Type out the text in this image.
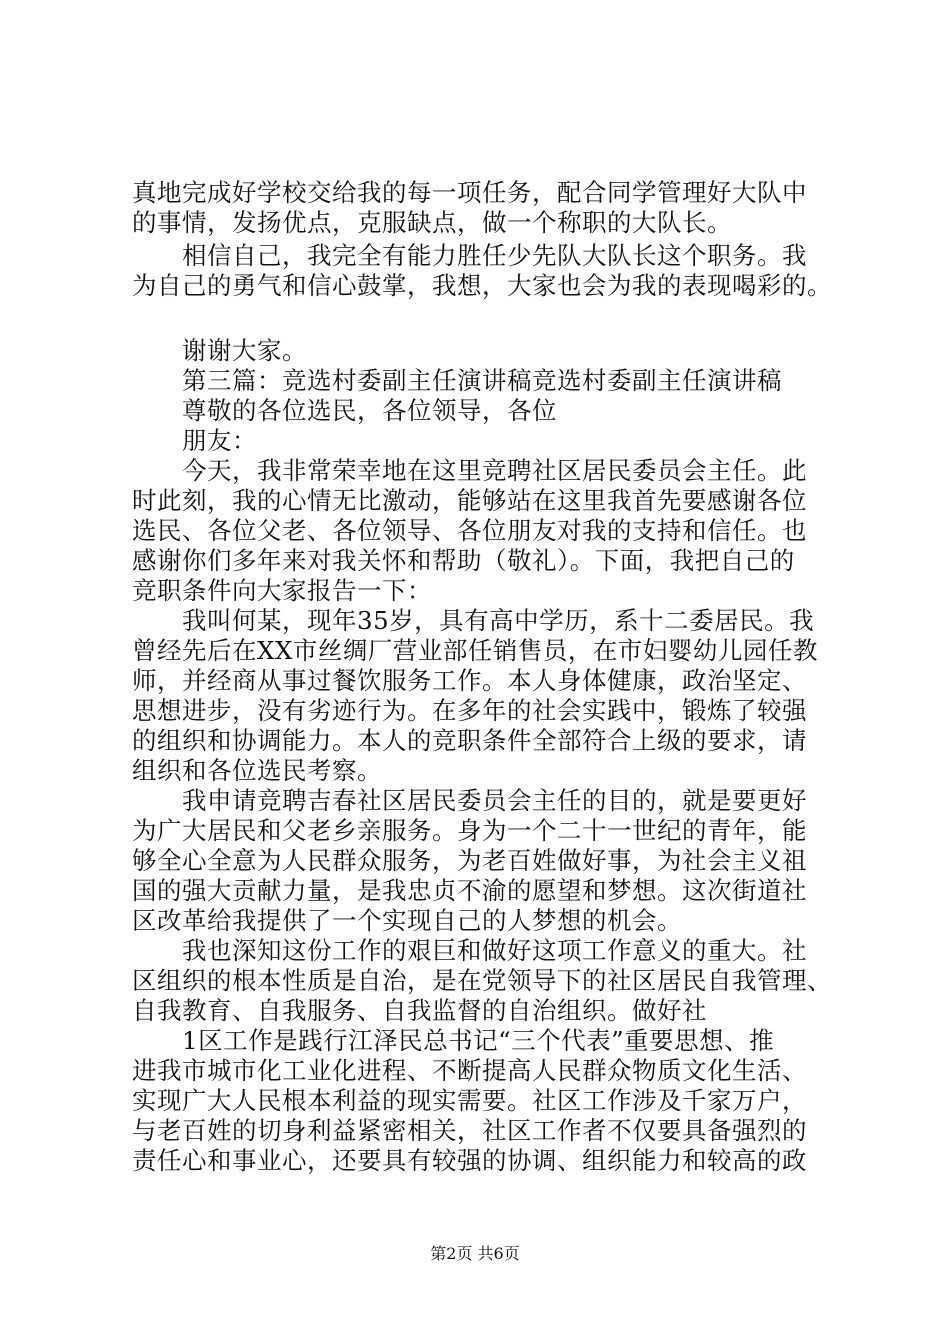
真地完成好学校交给我的每一项任务，配合同学管理好大队中
的事情，发扬优点，克服缺点，做一个称职的大队长。
　　相信自己，我完全有能力胜任少先队大队长这个职务。我
为自己的勇气和信心鼓掌，我想，大家也会为我的表现喝彩的。
　　谢谢大家。
　　第三篇：竞选村委副主任演讲稿竞选村委副主任演讲稿
　　尊敬的各位选民，各位领导，各位
　　朋友：
　　今天，我非常荣幸地在这里竞聘社区居民委员会主任。此
时此刻，我的心情无比激动，能够站在这里我首先要感谢各位
选民、各位父老、各位领导、各位朋友对我的支持和信任。也
感谢你们多年来对我关怀和帮助（敬礼）。下面，我把自己的
竞职条件向大家报告一下：
　　我叫何某，现年35岁，具有高中学历，系十二委居民。我
曾经先后在XX市丝绸厂营业部任销售员，在市妇婴幼儿园任教
师，并经商从事过餐饮服务工作。本人身体健康，政治坚定、
思想进步，没有劣迹行为。在多年的社会实践中，锻炼了较强
的组织和协调能力。本人的竞职条件全部符合上级的要求，请
组织和各位选民考察。
　　我申请竞聘吉春社区居民委员会主任的目的，就是要更好
为广大居民和父老乡亲服务。身为一个二十一世纪的青年，能
够全心全意为人民群众服务，为老百姓做好事，为社会主义祖
国的强大贡献力量，是我忠贞不渝的愿望和梦想。这次街道社
区改革给我提供了一个实现自己的人梦想的机会。
　　我也深知这份工作的艰巨和做好这项工作意义的重大。社
区组织的根本性质是自治，是在党领导下的社区居民自我管理、
自我教育、自我服务、自我监督的自治组织。做好社
　　1区工作是践行江泽民总书记“三个代表”重要思想、推
进我市城市化工业化进程、不断提高人民群众物质文化生活、
实现广大人民根本利益的现实需要。社区工作涉及千家万户，
与老百姓的切身利益紧密相关，社区工作者不仅要具备强烈的
责任心和事业心，还要具有较强的协调、组织能力和较高的政
第2页 共6页
